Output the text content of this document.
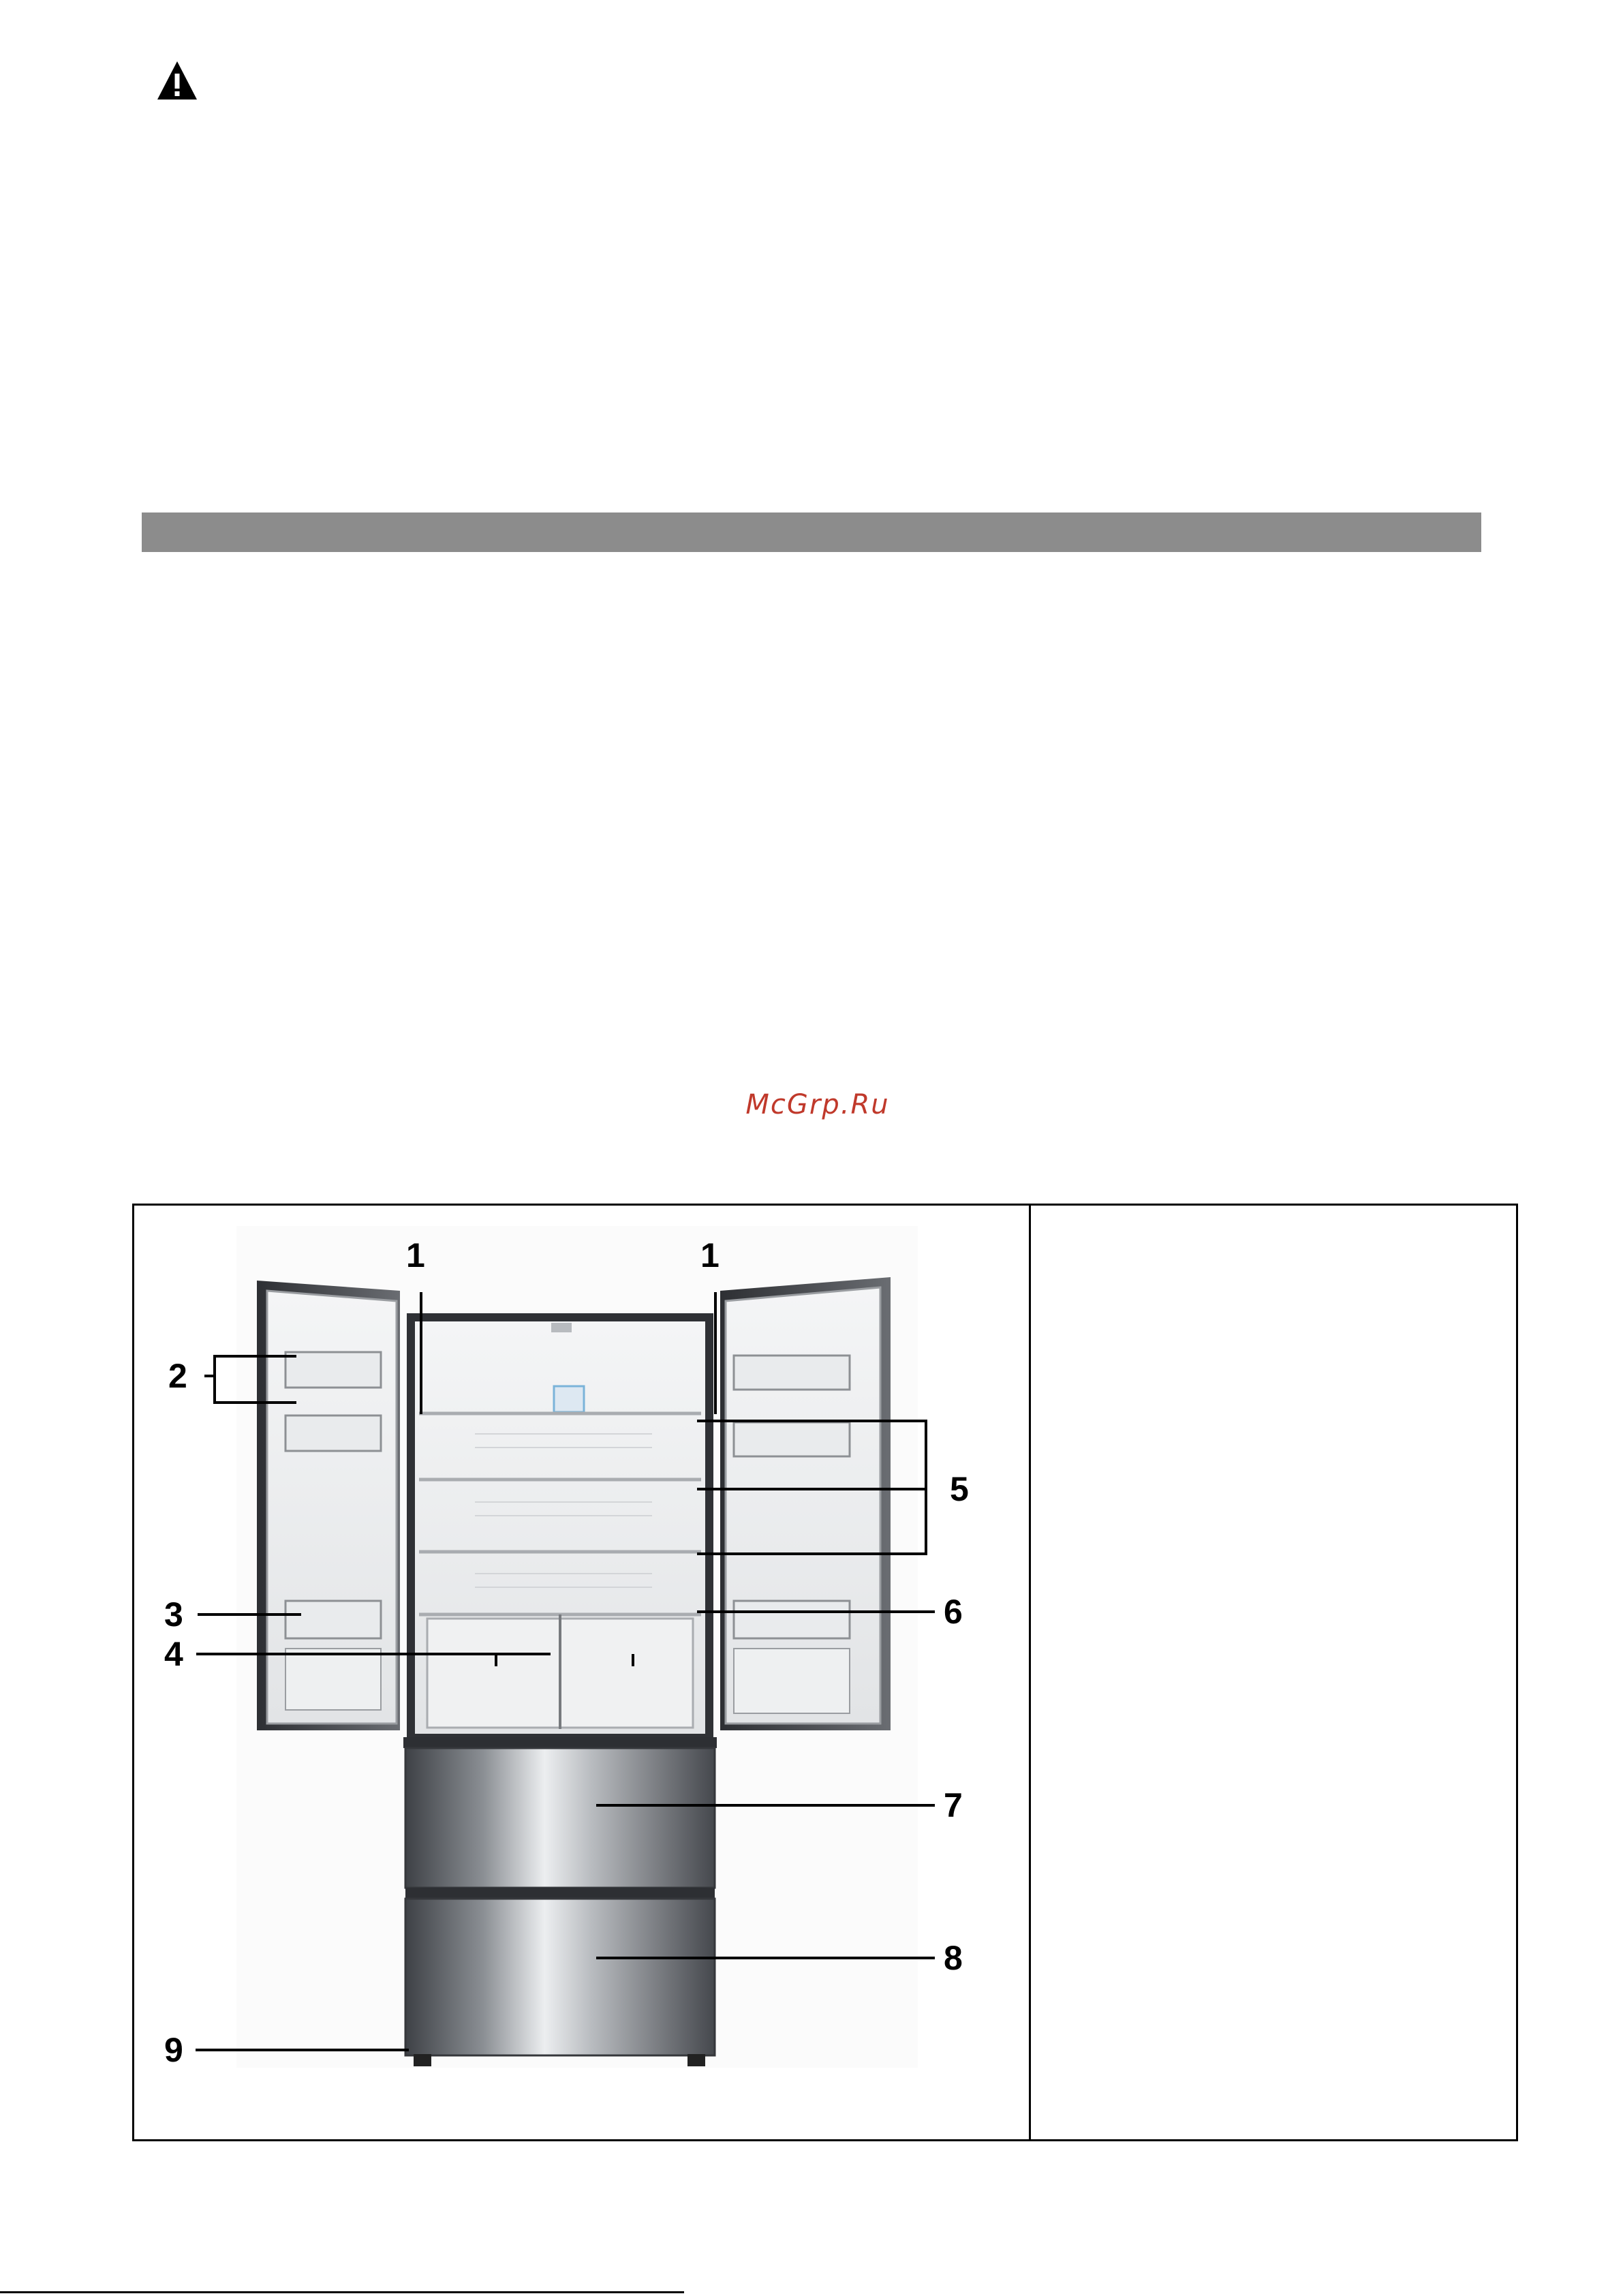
McGrp.Ru
1	1
2
3
4
5
6
7
8
9
